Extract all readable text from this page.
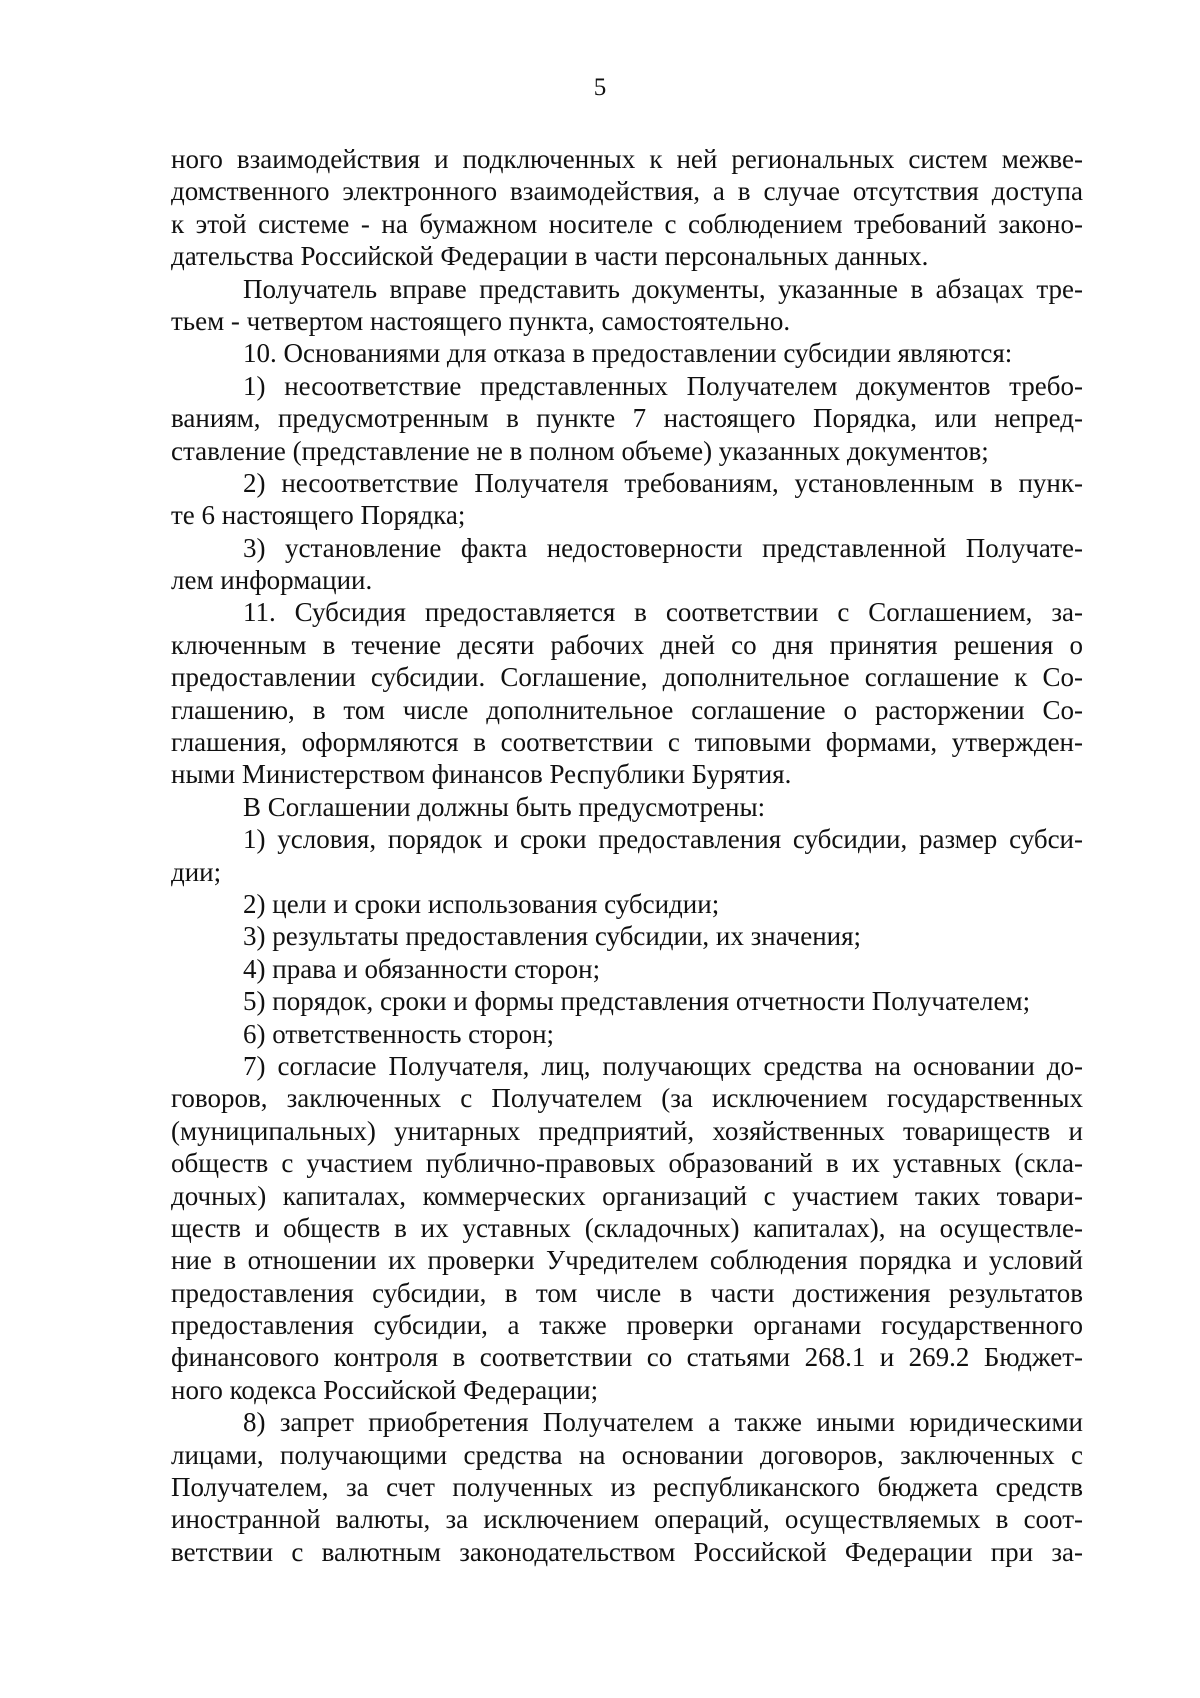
5
ного взаимодействия и подключенных к ней региональных систем межве-
домственного электронного взаимодействия, а в случае отсутствия доступа
к этой системе - на бумажном носителе с соблюдением требований законо-
дательства Российской Федерации в части персональных данных.
Получатель вправе представить документы, указанные в абзацах тре-
тьем - четвертом настоящего пункта, самостоятельно.
10. Основаниями для отказа в предоставлении субсидии являются:
1) несоответствие представленных Получателем документов требо-
ваниям, предусмотренным в пункте 7 настоящего Порядка, или непред-
ставление (представление не в полном объеме) указанных документов;
2) несоответствие Получателя требованиям, установленным в пунк-
те 6 настоящего Порядка;
3) установление факта недостоверности представленной Получате-
лем информации.
11. Субсидия предоставляется в соответствии с Соглашением, за-
ключенным в течение десяти рабочих дней со дня принятия решения о
предоставлении субсидии. Соглашение, дополнительное соглашение к Со-
глашению, в том числе дополнительное соглашение о расторжении Со-
глашения, оформляются в соответствии с типовыми формами, утвержден-
ными Министерством финансов Республики Бурятия.
В Соглашении должны быть предусмотрены:
1) условия, порядок и сроки предоставления субсидии, размер субси-
дии;
2) цели и сроки использования субсидии;
3) результаты предоставления субсидии, их значения;
4) права и обязанности сторон;
5) порядок, сроки и формы представления отчетности Получателем;
6) ответственность сторон;
7) согласие Получателя, лиц, получающих средства на основании до-
говоров, заключенных с Получателем (за исключением государственных
(муниципальных) унитарных предприятий, хозяйственных товариществ и
обществ с участием публично-правовых образований в их уставных (скла-
дочных) капиталах, коммерческих организаций с участием таких товари-
ществ и обществ в их уставных (складочных) капиталах), на осуществле-
ние в отношении их проверки Учредителем соблюдения порядка и условий
предоставления субсидии, в том числе в части достижения результатов
предоставления субсидии, а также проверки органами государственного
финансового контроля в соответствии со статьями 268.1 и 269.2 Бюджет-
ного кодекса Российской Федерации;
8) запрет приобретения Получателем а также иными юридическими
лицами, получающими средства на основании договоров, заключенных с
Получателем, за счет полученных из республиканского бюджета средств
иностранной валюты, за исключением операций, осуществляемых в соот-
ветствии с валютным законодательством Российской Федерации при за-
